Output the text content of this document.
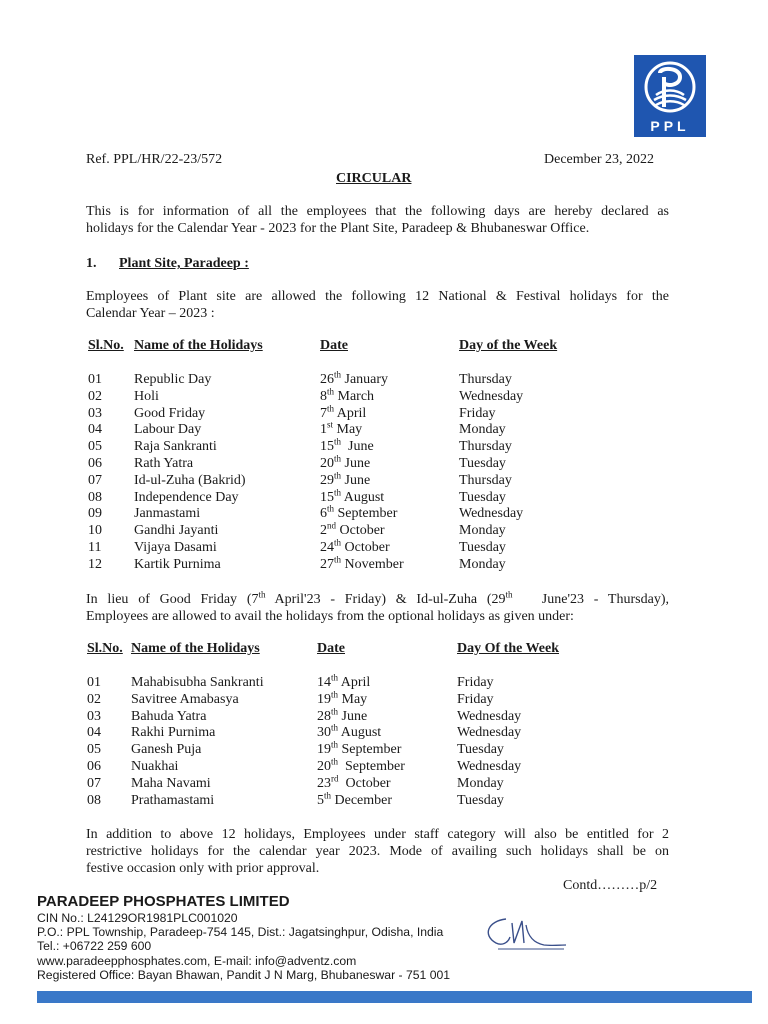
PPL
Ref. PPL/HR/22-23/572	December 23, 2022
CIRCULAR
This is for information of all the employees that the following days are hereby declared as
holidays for the Calendar Year - 2023 for the Plant Site, Paradeep & Bhubaneswar Office.
1. Plant Site, Paradeep :
Employees of Plant site are allowed the following 12 National & Festival holidays for the
Calendar Year – 2023 :
Sl.No.	Name of the Holidays	Date	Day of the Week
01	Republic Day	26th January	Thursday
02	Holi	8th March	Wednesday
03	Good Friday	7th April	Friday
04	Labour Day	1st May	Monday
05	Raja Sankranti	15th  June	Thursday
06	Rath Yatra	20th June	Tuesday
07	Id-ul-Zuha (Bakrid)	29th June	Thursday
08	Independence Day	15th August	Tuesday
09	Janmastami	6th September	Wednesday
10	Gandhi Jayanti	2nd October	Monday
11	Vijaya Dasami	24th October	Tuesday
12	Kartik Purnima	27th November	Monday
In lieu of Good Friday (7th April'23 - Friday) & Id-ul-Zuha (29th   June'23 - Thursday),
Employees are allowed to avail the holidays from the optional holidays as given under:
Sl.No.	Name of the Holidays	Date	Day Of the Week
01	Mahabisubha Sankranti	14th April	Friday
02	Savitree Amabasya	19th May	Friday
03	Bahuda Yatra	28th June	Wednesday
04	Rakhi Purnima	30th August	Wednesday
05	Ganesh Puja	19th September	Tuesday
06	Nuakhai	20th  September	Wednesday
07	Maha Navami	23rd  October	Monday
08	Prathamastami	5th December	Tuesday
In addition to above 12 holidays, Employees under staff category will also be entitled for 2
restrictive holidays for the calendar year 2023. Mode of availing such holidays shall be on
festive occasion only with prior approval.
Contd………p/2
PARADEEP PHOSPHATES LIMITED
CIN No.: L24129OR1981PLC001020
P.O.: PPL Township, Paradeep-754 145, Dist.: Jagatsinghpur, Odisha, India
Tel.: +06722 259 600
www.paradeepphosphates.com, E-mail: info@adventz.com
Registered Office: Bayan Bhawan, Pandit J N Marg, Bhubaneswar - 751 001
